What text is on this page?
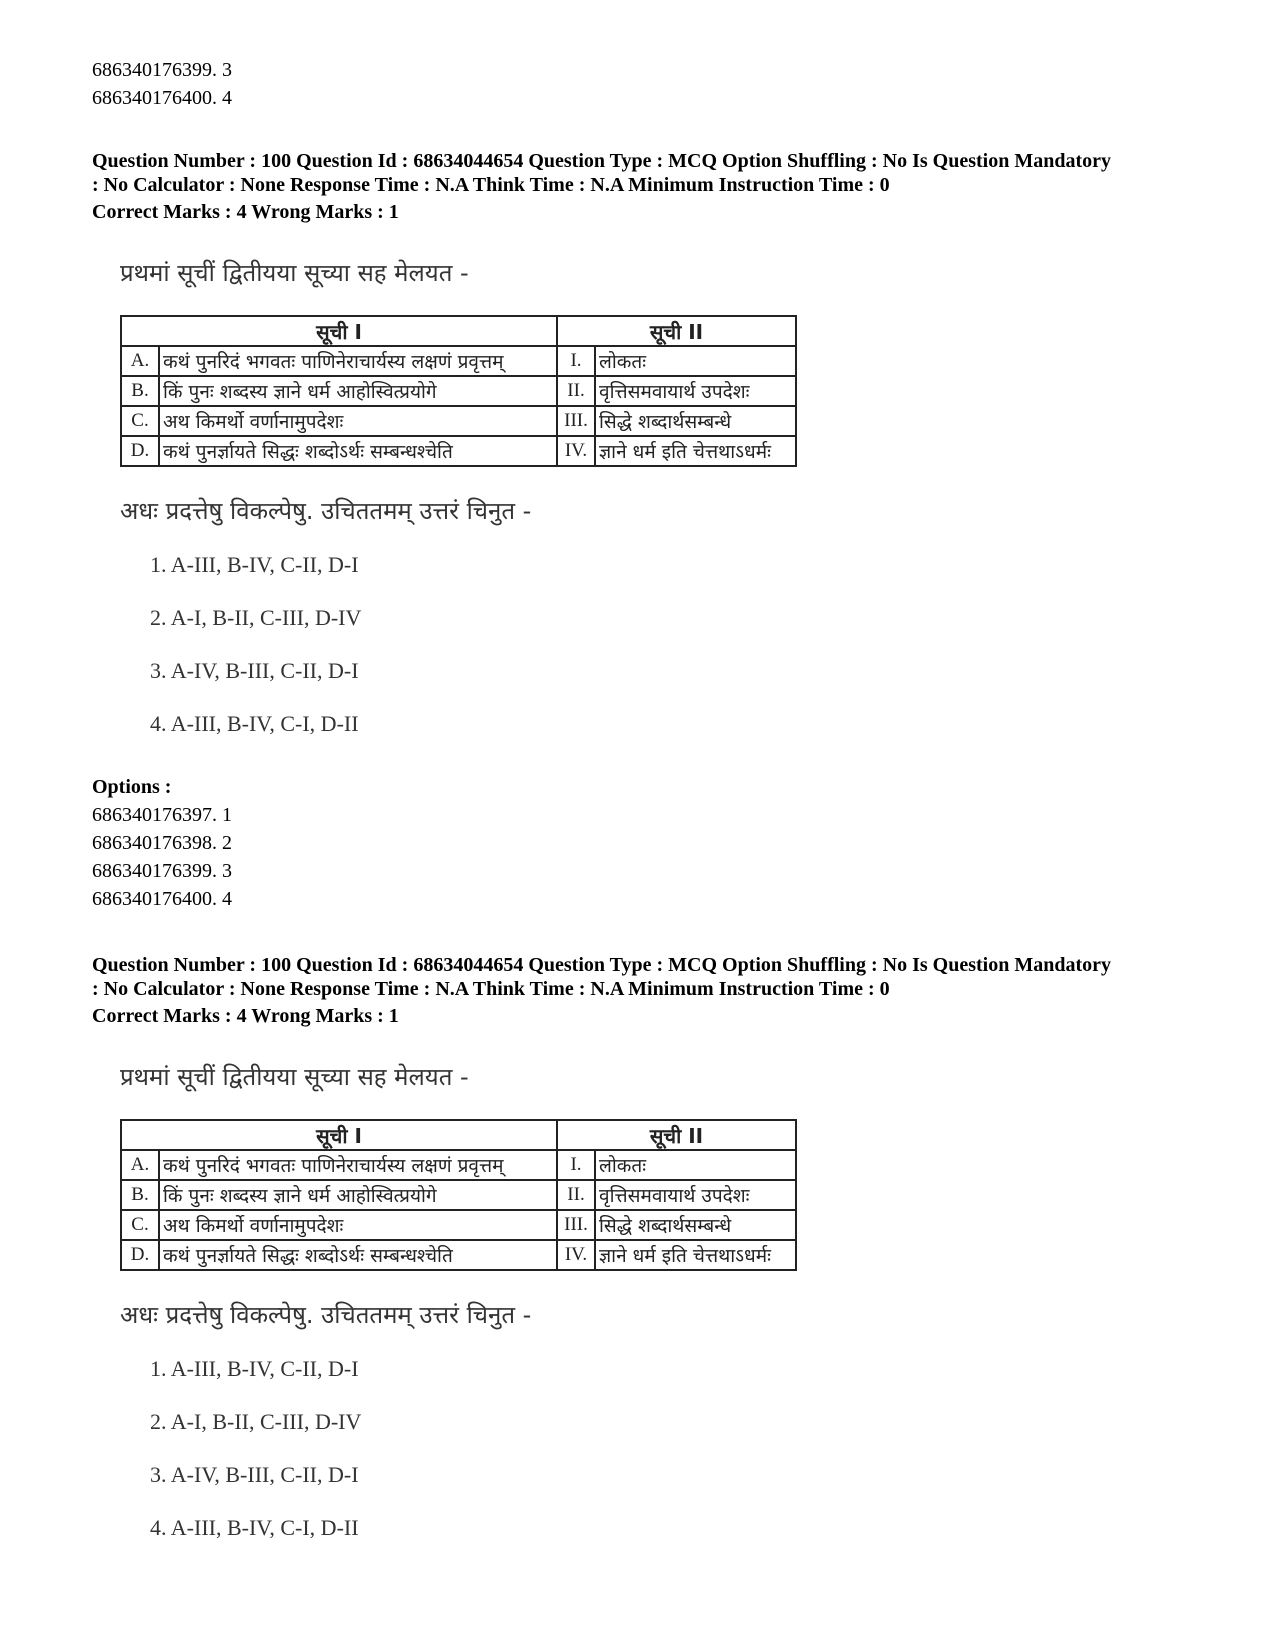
686340176399. 3
686340176400. 4
Question Number : 100 Question Id : 68634044654 Question Type : MCQ Option Shuffling : No Is Question Mandatory
: No Calculator : None Response Time : N.A Think Time : N.A Minimum Instruction Time : 0
Correct Marks : 4 Wrong Marks : 1
प्रथमां सूचीं द्वितीयया सूच्या सह मेलयत -
सूची I		सूची II	
A.	कथं पुनरिदं भगवतः पाणिनेराचार्यस्य लक्षणं प्रवृत्तम्	I.	लोकतः
B.	किं पुनः शब्दस्य ज्ञाने धर्म आहोस्वित्प्रयोगे	II.	वृत्तिसमवायार्थ उपदेशः
C.	अथ किमर्थो वर्णानामुपदेशः	III.	सिद्धे शब्दार्थसम्बन्धे
D.	कथं पुनर्ज्ञायते सिद्धः शब्दोऽर्थः सम्बन्धश्चेति	IV.	ज्ञाने धर्म इति चेत्तथाऽधर्मः
अधः प्रदत्तेषु विकल्पेषु. उचिततमम् उत्तरं चिनुत -
1. A-III, B-IV, C-II, D-I
2. A-I, B-II, C-III, D-IV
3. A-IV, B-III, C-II, D-I
4. A-III, B-IV, C-I, D-II
Options :
686340176397. 1
686340176398. 2
686340176399. 3
686340176400. 4
Question Number : 100 Question Id : 68634044654 Question Type : MCQ Option Shuffling : No Is Question Mandatory
: No Calculator : None Response Time : N.A Think Time : N.A Minimum Instruction Time : 0
Correct Marks : 4 Wrong Marks : 1
प्रथमां सूचीं द्वितीयया सूच्या सह मेलयत -
सूची I		सूची II	
A.	कथं पुनरिदं भगवतः पाणिनेराचार्यस्य लक्षणं प्रवृत्तम्	I.	लोकतः
B.	किं पुनः शब्दस्य ज्ञाने धर्म आहोस्वित्प्रयोगे	II.	वृत्तिसमवायार्थ उपदेशः
C.	अथ किमर्थो वर्णानामुपदेशः	III.	सिद्धे शब्दार्थसम्बन्धे
D.	कथं पुनर्ज्ञायते सिद्धः शब्दोऽर्थः सम्बन्धश्चेति	IV.	ज्ञाने धर्म इति चेत्तथाऽधर्मः
अधः प्रदत्तेषु विकल्पेषु. उचिततमम् उत्तरं चिनुत -
1. A-III, B-IV, C-II, D-I
2. A-I, B-II, C-III, D-IV
3. A-IV, B-III, C-II, D-I
4. A-III, B-IV, C-I, D-II
